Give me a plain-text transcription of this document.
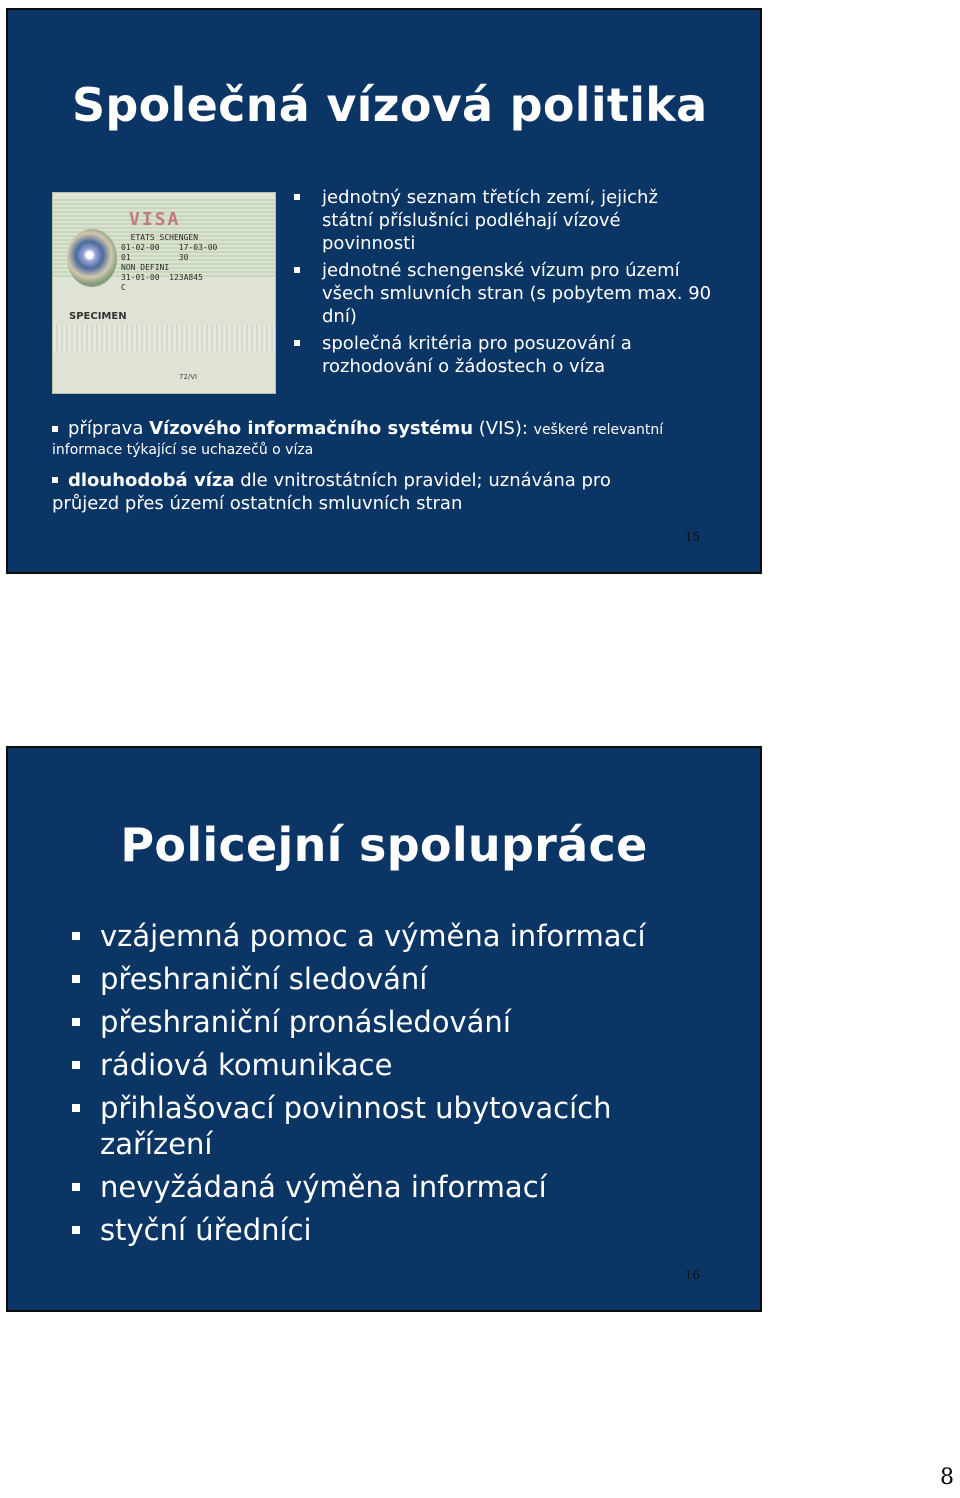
Společná vízová politika
VISA
ETATS SCHENGEN
01-02-00    17-03-00
01          30
NON DEFINI
31-01-00  123A845
C
SPECIMEN
72/VI
jednotný seznam třetích zemí, jejichž státní příslušníci podléhají vízové povinnosti
jednotné schengenské vízum pro území všech smluvních stran (s pobytem max. 90 dní)
společná kritéria pro posuzování a rozhodování o žádostech o víza
příprava Vízového informačního systému (VIS): veškeré relevantní
informace týkající se uchazečů o víza
dlouhodobá víza dle vnitrostátních pravidel; uznávána pro
průjezd přes území ostatních smluvních stran
15
Policejní spolupráce
vzájemná pomoc a výměna informací
přeshraniční sledování
přeshraniční pronásledování
rádiová komunikace
přihlašovací povinnost ubytovacích zařízení
nevyžádaná výměna informací
styční úředníci
16
8
